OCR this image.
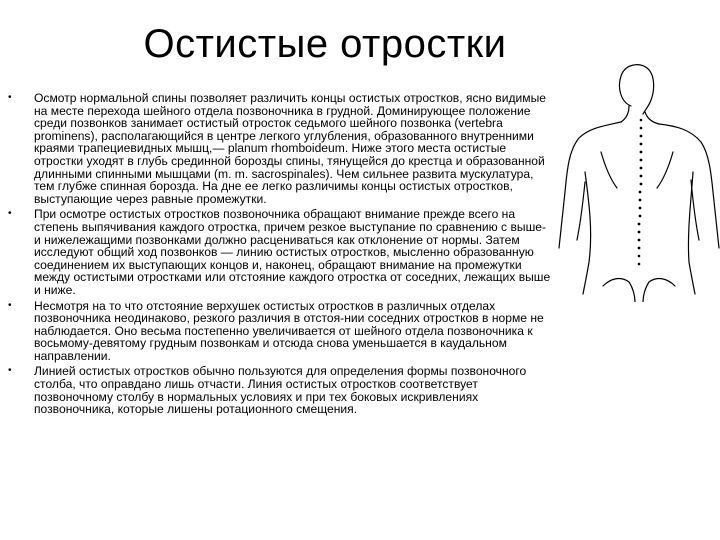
Остистые отростки
• Осмотр нормальной спины позволяет различить концы остистых отростков, ясно видимые на месте перехода шейного отдела позвоночника в грудной. Доминирующее положение среди позвонков занимает остистый отросток седьмого шейного позвонка (vertebra prominens), располагающийся в центре легкого углубления, образованного внутренними краями трапециевидных мышц,— planum rhomboideum. Ниже этого места остистые отростки уходят в глубь срединной борозды спины, тянущейся до крестца и образованной длинными спинными мышцами (m. m. sacrospinales). Чем сильнее развита мускулатура, тем глубже спинная борозда. На дне ее легко различимы концы остистых отростков, выступающие через равные промежутки.
• При осмотре остистых отростков позвоночника обращают внимание прежде всего на степень выпячивания каждого отростка, причем резкое выступание по сравнению с выше- и нижележащими позвонками должно расцениваться как отклонение от нормы. Затем исследуют общий ход позвонков — линию остистых отростков, мысленно образованную соединением их выступающих концов и, наконец, обращают внимание на промежутки между остистыми отростками или отстояние каждого отростка от соседних, лежащих выше и ниже.
• Несмотря на то что отстояние верхушек остистых отростков в различных отделах позвоночника неодинаково, резкого различия в отстоя-нии соседних отростков в норме не наблюдается. Оно весьма постепенно увеличивается от шейного отдела позвоночника к восьмому-девятому грудным позвонкам и отсюда снова уменьшается в каудальном направлении.
• Линией остистых отростков обычно пользуются для определения формы позвоночного столба, что оправдано лишь отчасти. Линия остистых отростков соответствует позвоночному столбу в нормальных условиях и при тех боковых искривлениях позвоночника, которые лишены ротационного смещения.
